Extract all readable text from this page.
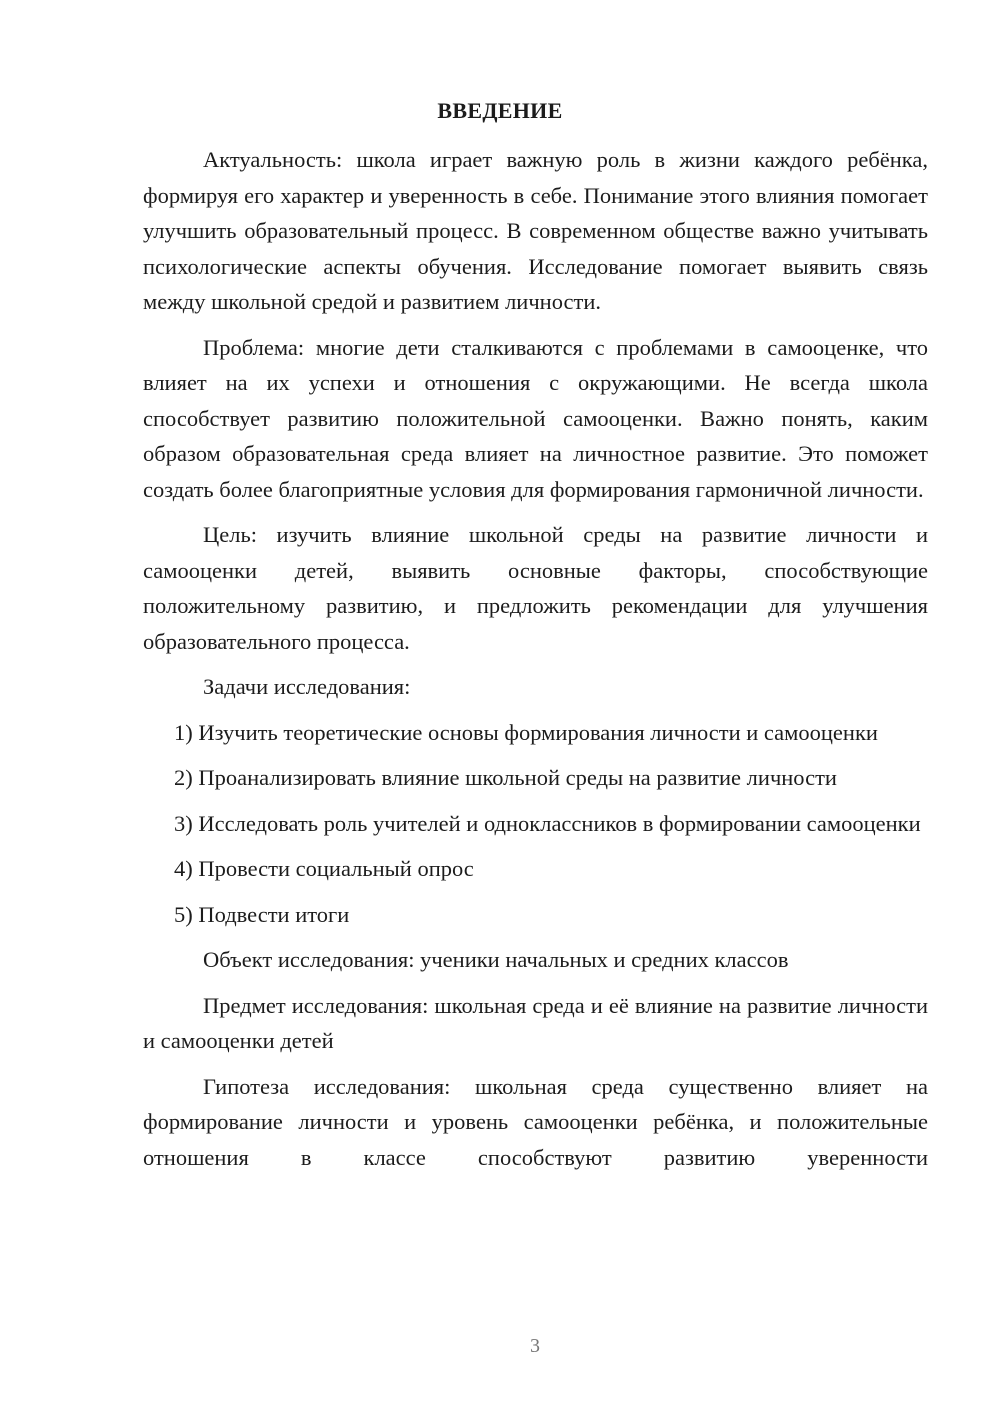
ВВЕДЕНИЕ

Актуальность: школа играет важную роль в жизни каждого ребёнка, формируя его характер и уверенность в себе. Понимание этого влияния помогает улучшить образовательный процесс. В современном обществе важно учитывать психологические аспекты обучения. Исследование помогает выявить связь между школьной средой и развитием личности.

Проблема: многие дети сталкиваются с проблемами в самооценке, что влияет на их успехи и отношения с окружающими. Не всегда школа способствует развитию положительной самооценки. Важно понять, каким образом образовательная среда влияет на личностное развитие. Это поможет создать более благоприятные условия для формирования гармоничной личности.

Цель: изучить влияние школьной среды на развитие личности и самооценки детей, выявить основные факторы, способствующие положительному развитию, и предложить рекомендации для улучшения образовательного процесса.

Задачи исследования:

1) Изучить теоретические основы формирования личности и самооценки

2) Проанализировать влияние школьной среды на развитие личности

3) Исследовать роль учителей и одноклассников в формировании самооценки

4) Провести социальный опрос

5) Подвести итоги

Объект исследования: ученики начальных и средних классов

Предмет исследования: школьная среда и её влияние на развитие личности и самооценки детей

Гипотеза исследования: школьная среда существенно влияет на формирование личности и уровень самооценки ребёнка, и положительные отношения в классе способствуют развитию уверенности

3
